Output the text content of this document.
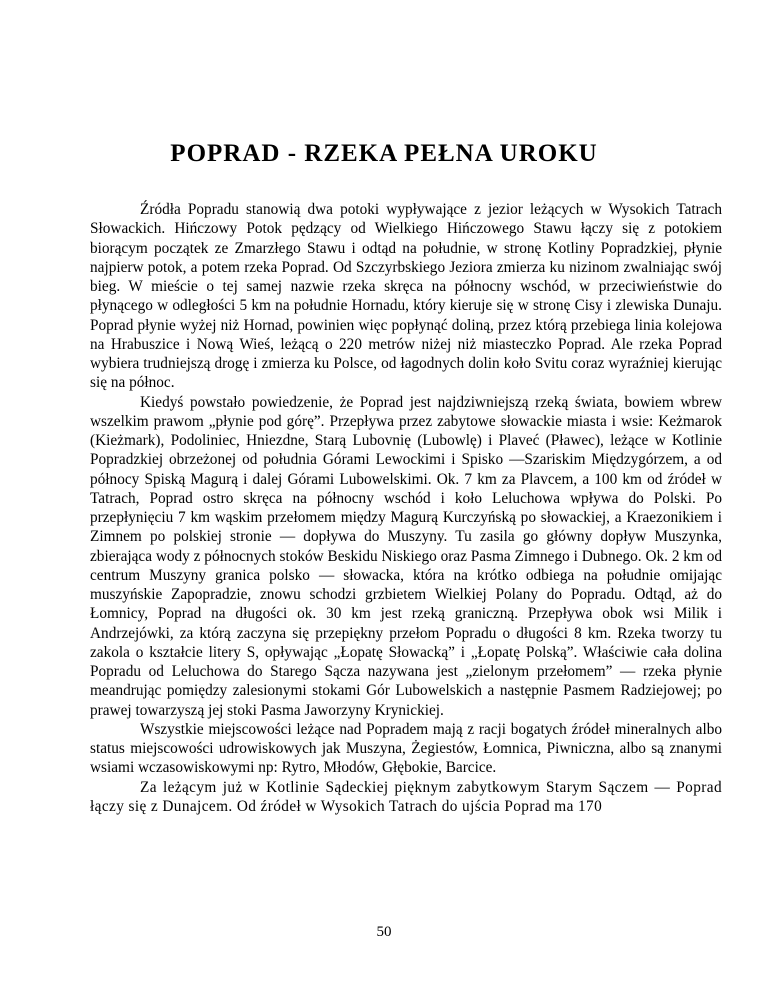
POPRAD - RZEKA PEŁNA UROKU

Źródła Popradu stanowią dwa potoki wypływające z jezior leżących w Wysokich Tatrach Słowackich. Hińczowy Potok pędzący od Wielkiego Hińczowego Stawu łączy się z potokiem biorącym początek ze Zmarzłego Stawu i odtąd na południe, w stronę Kotliny Popradzkiej, płynie najpierw potok, a potem rzeka Poprad. Od Szczyrbskiego Jeziora zmierza ku nizinom zwalniając swój bieg. W mieście o tej samej nazwie rzeka skręca na północny wschód, w przeciwieństwie do płynącego w odległości 5 km na południe Hornadu, który kieruje się w stronę Cisy i zlewiska Dunaju. Poprad płynie wyżej niż Hornad, powinien więc popłynąć doliną, przez którą przebiega linia kolejowa na Hrabuszice i Nową Wieś, leżącą o 220 metrów niżej niż miasteczko Poprad. Ale rzeka Poprad wybiera trudniejszą drogę i zmierza ku Polsce, od łagodnych dolin koło Svitu coraz wyraźniej kierując się na północ.

Kiedyś powstało powiedzenie, że Poprad jest najdziwniejszą rzeką świata, bowiem wbrew wszelkim prawom „płynie pod górę”. Przepływa przez zabytowe słowackie miasta i wsie: Keżmarok (Kieżmark), Podoliniec, Hniezdne, Starą Lubovnię (Lubowlę) i Plaveć (Pławec), leżące w Kotlinie Popradzkiej obrzeżonej od południa Górami Lewockimi i Spisko —Szariskim Międzygórzem, a od północy Spiską Magurą i dalej Górami Lubowelskimi. Ok. 7 km za Plavcem, a 100 km od źródeł w Tatrach, Poprad ostro skręca na północny wschód i koło Leluchowa wpływa do Polski. Po przepłynięciu 7 km wąskim przełomem między Magurą Kurczyńską po słowackiej, a Kraezonikiem i Zimnem po polskiej stronie — dopływa do Muszyny. Tu zasila go główny dopływ Muszynka, zbierająca wody z północnych stoków Beskidu Niskiego oraz Pasma Zimnego i Dubnego. Ok. 2 km od centrum Muszyny granica polsko — słowacka, która na krótko odbiega na południe omijając muszyńskie Zapopradzie, znowu schodzi grzbietem Wielkiej Polany do Popradu. Odtąd, aż do Łomnicy, Poprad na długości ok. 30 km jest rzeką graniczną. Przepływa obok wsi Milik i Andrzejówki, za którą zaczyna się przepiękny przełom Popradu o długości 8 km. Rzeka tworzy tu zakola o kształcie litery S, opływając „Łopatę Słowacką” i „Łopatę Polską”. Właściwie cała dolina Popradu od Leluchowa do Starego Sącza nazywana jest „zielonym przełomem” — rzeka płynie meandrując pomiędzy zalesionymi stokami Gór Lubowelskich a następnie Pasmem Radziejowej; po prawej towarzyszą jej stoki Pasma Jaworzyny Krynickiej.

Wszystkie miejscowości leżące nad Popradem mają z racji bogatych źródeł mineralnych albo status miejscowości udrowiskowych jak Muszyna, Żegiestów, Łomnica, Piwniczna, albo są znanymi wsiami wczasowiskowymi np: Rytro, Młodów, Głębokie, Barcice.

Za leżącym już w Kotlinie Sądeckiej pięknym zabytkowym Starym Sączem — Poprad łączy się z Dunajcem. Od źródeł w Wysokich Tatrach do ujścia Poprad ma 170

50
